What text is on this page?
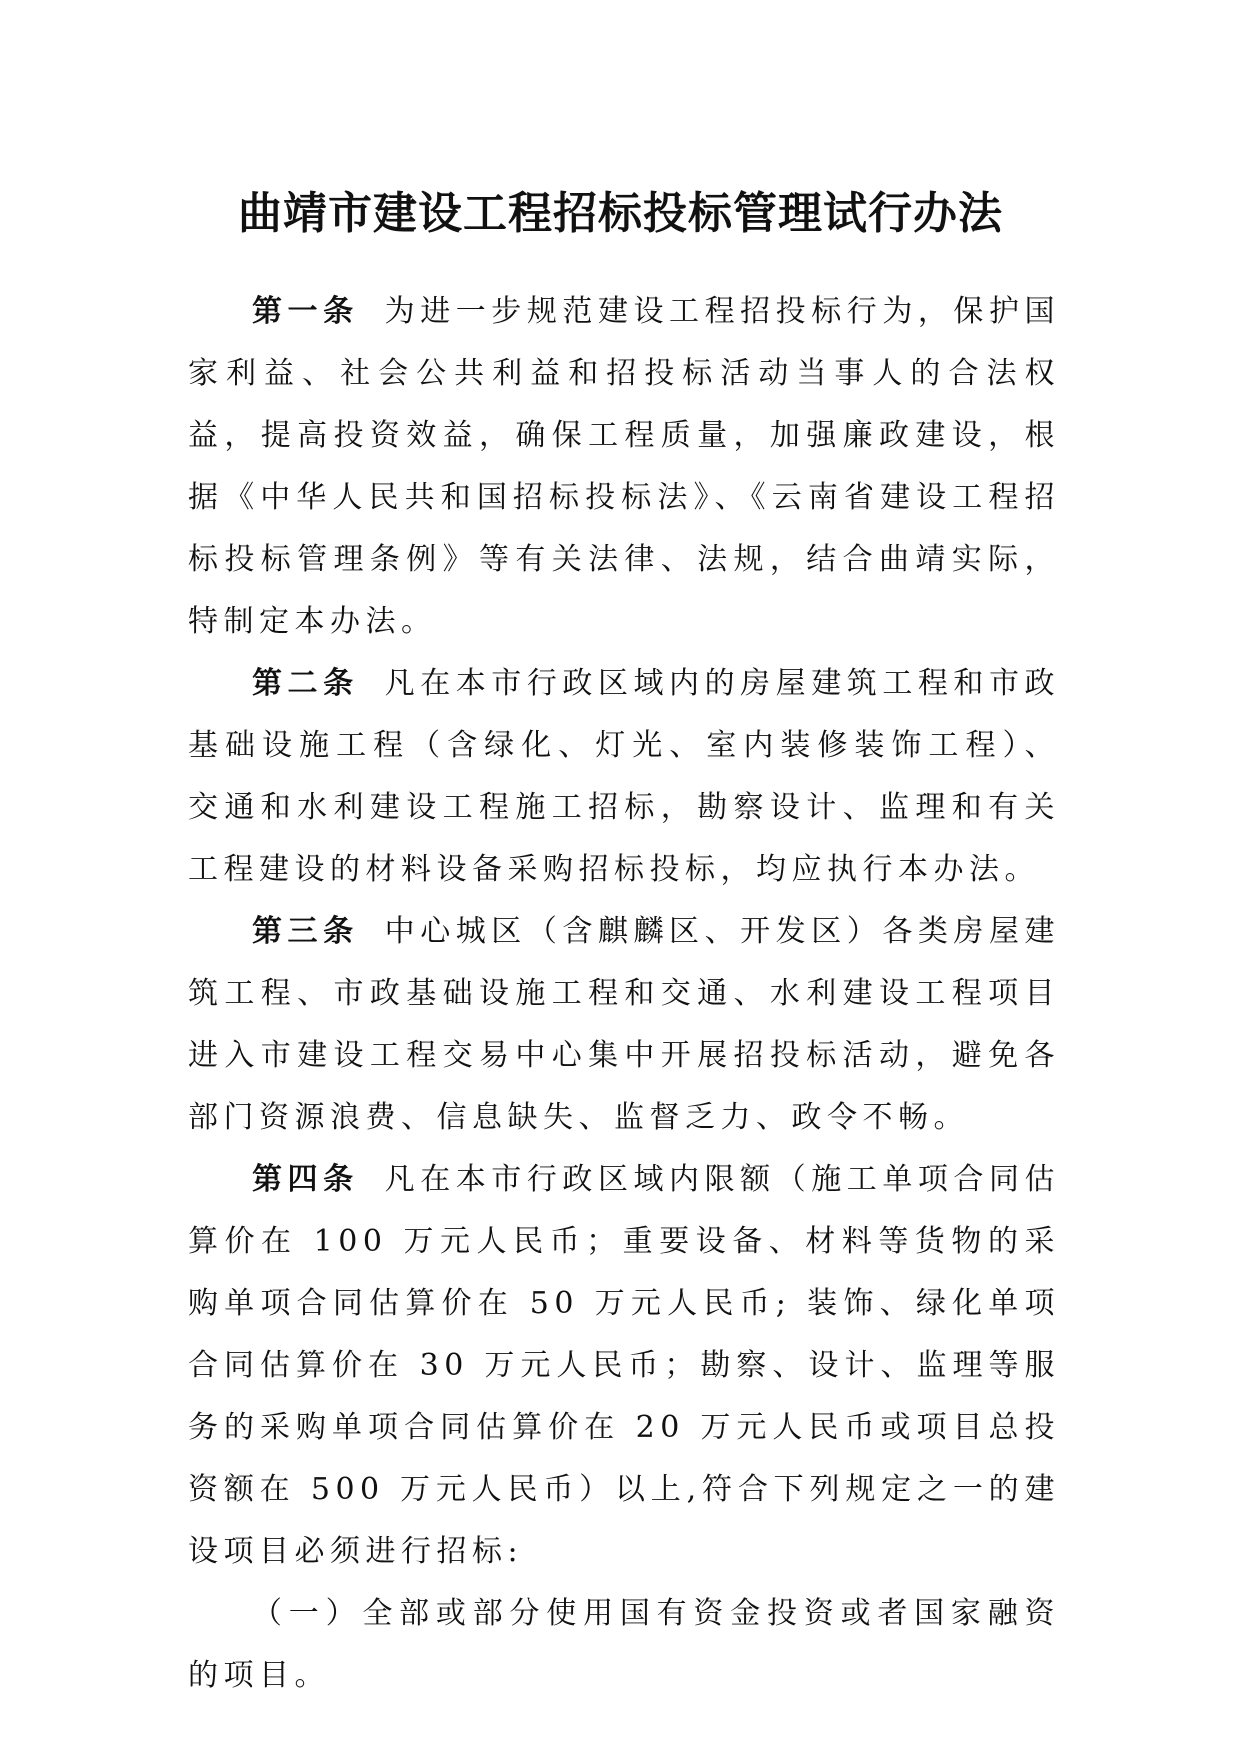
曲靖市建设工程招标投标管理试行办法

第一条 为进一步规范建设工程招投标行为，保护国家利益、社会公共利益和招投标活动当事人的合法权益，提高投资效益，确保工程质量，加强廉政建设，根据《中华人民共和国招标投标法》、《云南省建设工程招标投标管理条例》等有关法律、法规，结合曲靖实际，特制定本办法。

第二条 凡在本市行政区域内的房屋建筑工程和市政基础设施工程（含绿化、灯光、室内装修装饰工程）、交通和水利建设工程施工招标，勘察设计、监理和有关工程建设的材料设备采购招标投标，均应执行本办法。

第三条 中心城区（含麒麟区、开发区）各类房屋建筑工程、市政基础设施工程和交通、水利建设工程项目进入市建设工程交易中心集中开展招投标活动，避免各部门资源浪费、信息缺失、监督乏力、政令不畅。

第四条 凡在本市行政区域内限额（施工单项合同估算价在 100 万元人民币；重要设备、材料等货物的采购单项合同估算价在 50 万元人民币; 装饰、绿化单项合同估算价在 30 万元人民币；勘察、设计、监理等服务的采购单项合同估算价在 20 万元人民币或项目总投资额在 500 万元人民币）以上,符合下列规定之一的建设项目必须进行招标:

（一）全部或部分使用国有资金投资或者国家融资的项目。
